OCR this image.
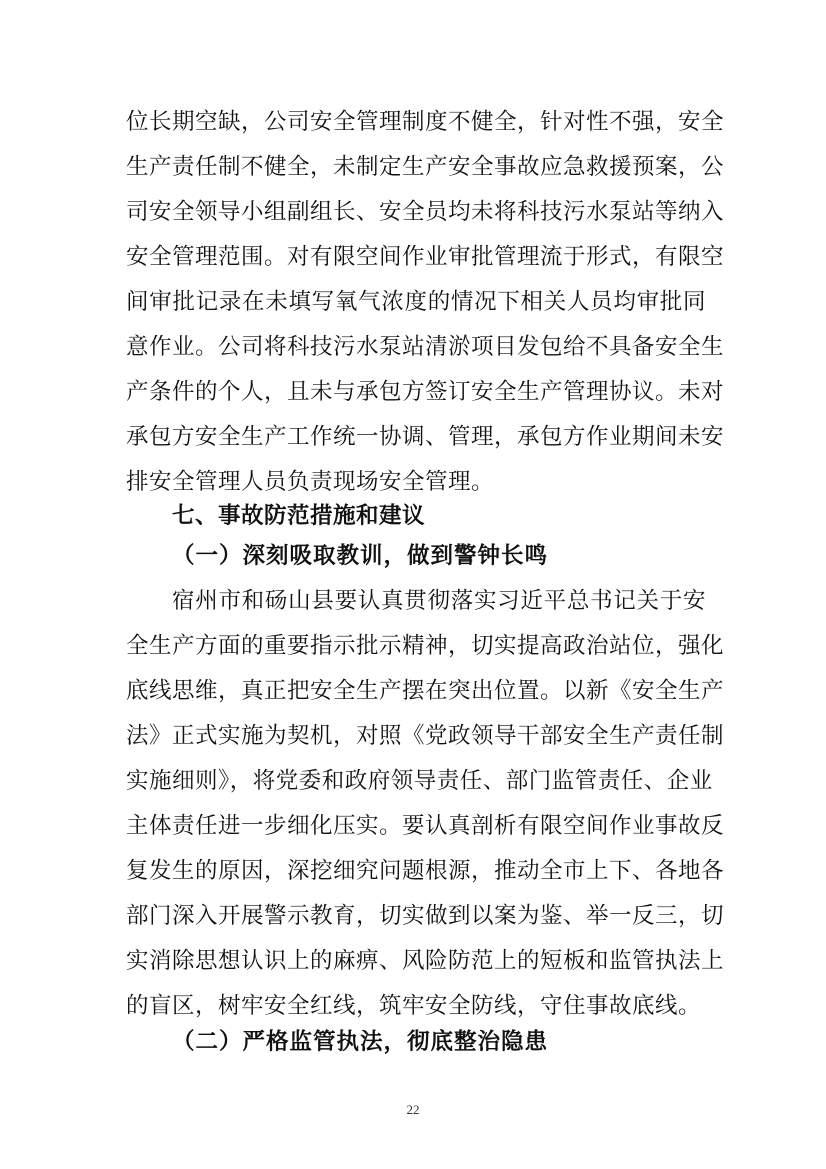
位长期空缺，公司安全管理制度不健全，针对性不强，安全
生产责任制不健全，未制定生产安全事故应急救援预案，公
司安全领导小组副组长、安全员均未将科技污水泵站等纳入
安全管理范围。对有限空间作业审批管理流于形式，有限空
间审批记录在未填写氧气浓度的情况下相关人员均审批同
意作业。公司将科技污水泵站清淤项目发包给不具备安全生
产条件的个人，且未与承包方签订安全生产管理协议。未对
承包方安全生产工作统一协调、管理，承包方作业期间未安
排安全管理人员负责现场安全管理。
七、事故防范措施和建议
（一）深刻吸取教训，做到警钟长鸣
宿州市和砀山县要认真贯彻落实习近平总书记关于安
全生产方面的重要指示批示精神，切实提高政治站位，强化
底线思维，真正把安全生产摆在突出位置。以新《安全生产
法》正式实施为契机，对照《党政领导干部安全生产责任制
实施细则》，将党委和政府领导责任、部门监管责任、企业
主体责任进一步细化压实。要认真剖析有限空间作业事故反
复发生的原因，深挖细究问题根源，推动全市上下、各地各
部门深入开展警示教育，切实做到以案为鉴、举一反三，切
实消除思想认识上的麻痹、风险防范上的短板和监管执法上
的盲区，树牢安全红线，筑牢安全防线，守住事故底线。
（二）严格监管执法，彻底整治隐患
22
